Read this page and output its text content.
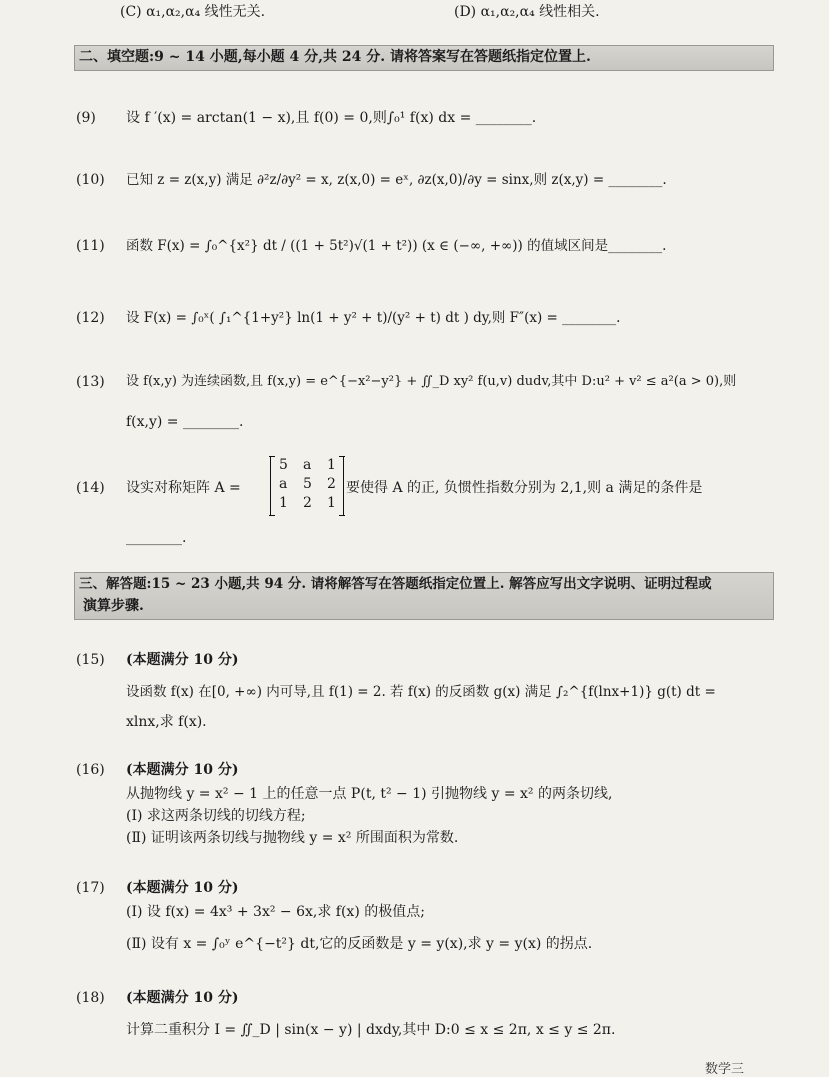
(C) α₁,α₂,α₄ 线性无关.	(D) α₁,α₂,α₄ 线性相关.
二、填空题:9 ~ 14 小题,每小题 4 分,共 24 分. 请将答案写在答题纸指定位置上.
(9)	设 f ′(x) = arctan(1 − x),且 f(0) = 0,则∫₀¹ f(x) dx = ________.
(10)	已知 z = z(x,y) 满足 ∂²z/∂y² = x, z(x,0) = eˣ, ∂z(x,0)/∂y = sinx,则 z(x,y) = ________.
(11)	函数 F(x) = ∫₀^{x²} dt / ((1 + 5t²)√(1 + t²)) (x ∈ (−∞, +∞)) 的值域区间是________.
(12)	设 F(x) = ∫₀ˣ( ∫₁^{1+y²} ln(1 + y² + t)/(y² + t) dt ) dy,则 F″(x) = ________.
(13)	设 f(x,y) 为连续函数,且 f(x,y) = e^{−x²−y²} + ∬_D xy² f(u,v) dudv,其中 D:u² + v² ≤ a²(a > 0),则
f(x,y) = ________.
(14)	设实对称矩阵 A =
5 a 1
a 5 2
1 2 1
要使得 A 的正, 负惯性指数分别为 2,1,则 a 满足的条件是
________.
三、解答题:15 ~ 23 小题,共 94 分. 请将解答写在答题纸指定位置上. 解答应写出文字说明、证明过程或
演算步骤.
(15)	(本题满分 10 分)
设函数 f(x) 在[0, +∞) 内可导,且 f(1) = 2. 若 f(x) 的反函数 g(x) 满足 ∫₂^{f(lnx+1)} g(t) dt =
xlnx,求 f(x).
(16)	(本题满分 10 分)
从抛物线 y = x² − 1 上的任意一点 P(t, t² − 1) 引抛物线 y = x² 的两条切线,
(Ⅰ) 求这两条切线的切线方程;
(Ⅱ) 证明该两条切线与抛物线 y = x² 所围面积为常数.
(17)	(本题满分 10 分)
(Ⅰ) 设 f(x) = 4x³ + 3x² − 6x,求 f(x) 的极值点;
(Ⅱ) 设有 x = ∫₀ʸ e^{−t²} dt,它的反函数是 y = y(x),求 y = y(x) 的拐点.
(18)	(本题满分 10 分)
计算二重积分 I = ∬_D | sin(x − y) | dxdy,其中 D:0 ≤ x ≤ 2π, x ≤ y ≤ 2π.
数学三
